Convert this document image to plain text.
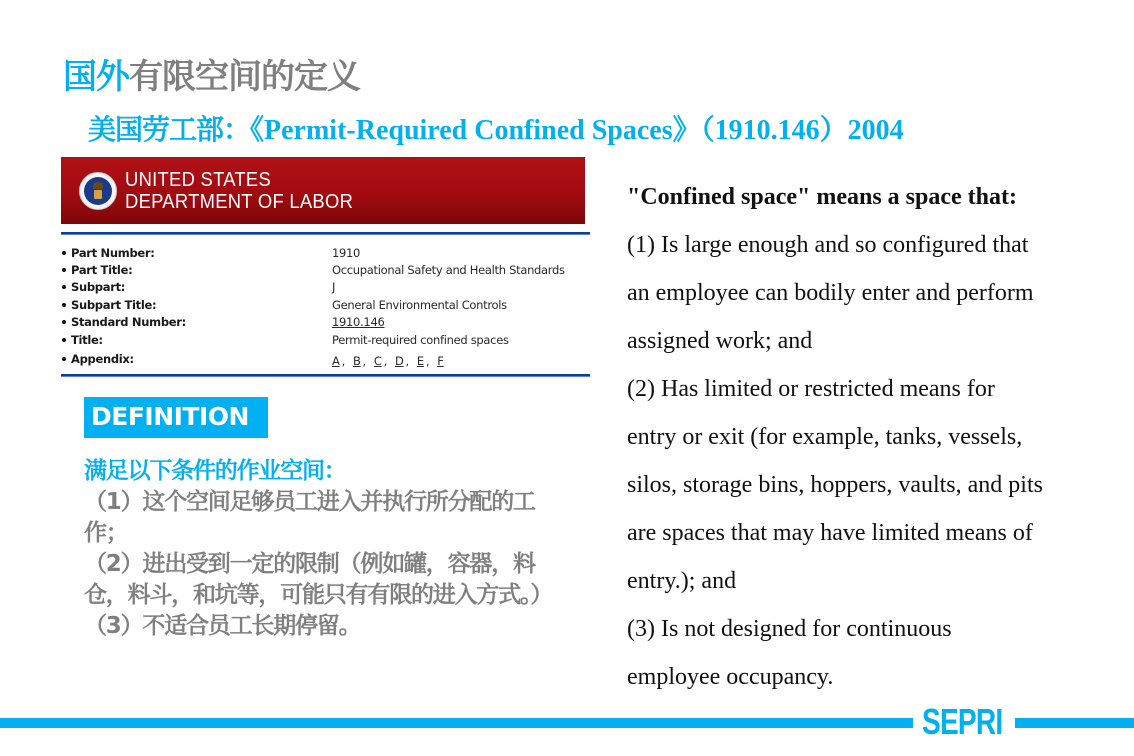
国外有限空间的定义
美国劳工部：《Permit-Required Confined Spaces》（1910.146）2004
UNITED STATES
DEPARTMENT OF LABOR
Part Number:	1910
Part Title:	Occupational Safety and Health Standards
Subpart:	J
Subpart Title:	General Environmental Controls
Standard Number:	1910.146
Title:	Permit-required confined spaces
Appendix:	A , B , C , D , E , F
DEFINITION
满足以下条件的作业空间：
（1）这个空间足够员工进入并执行所分配的工作；
（2）进出受到一定的限制（例如罐，容器，料仓，料斗，和坑等，可能只有有限的进入方式。）
（3）不适合员工长期停留。
"Confined space" means a space that:
(1) Is large enough and so configured that
an employee can bodily enter and perform
assigned work; and
(2) Has limited or restricted means for
entry or exit (for example, tanks, vessels,
silos, storage bins, hoppers, vaults, and pits
are spaces that may have limited means of
entry.); and
(3) Is not designed for continuous
employee occupancy.
SEPRI
